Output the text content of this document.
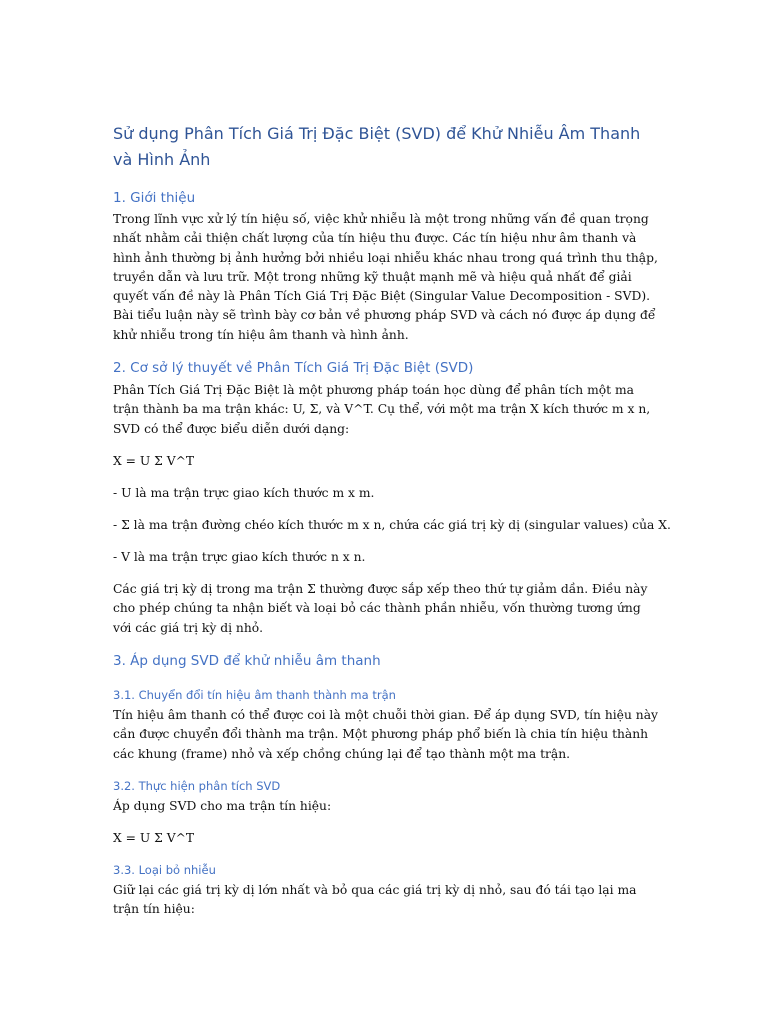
Sử dụng Phân Tích Giá Trị Đặc Biệt (SVD) để Khử Nhiễu Âm Thanh và Hình Ảnh
1. Giới thiệu

Trong lĩnh vực xử lý tín hiệu số, việc khử nhiễu là một trong những vấn đề quan trọng nhất nhằm cải thiện chất lượng của tín hiệu thu được. Các tín hiệu như âm thanh và hình ảnh thường bị ảnh hưởng bởi nhiều loại nhiễu khác nhau trong quá trình thu thập, truyền dẫn và lưu trữ. Một trong những kỹ thuật mạnh mẽ và hiệu quả nhất để giải quyết vấn đề này là Phân Tích Giá Trị Đặc Biệt (Singular Value Decomposition - SVD). Bài tiểu luận này sẽ trình bày cơ bản về phương pháp SVD và cách nó được áp dụng để khử nhiễu trong tín hiệu âm thanh và hình ảnh.

2. Cơ sở lý thuyết về Phân Tích Giá Trị Đặc Biệt (SVD)

Phân Tích Giá Trị Đặc Biệt là một phương pháp toán học dùng để phân tích một ma trận thành ba ma trận khác: U, Σ, và V^T. Cụ thể, với một ma trận X kích thước m x n, SVD có thể được biểu diễn dưới dạng:

X = U Σ V^T

- U là ma trận trực giao kích thước m x m.

- Σ là ma trận đường chéo kích thước m x n, chứa các giá trị kỳ dị (singular values) của X.

- V là ma trận trực giao kích thước n x n.

Các giá trị kỳ dị trong ma trận Σ thường được sắp xếp theo thứ tự giảm dần. Điều này cho phép chúng ta nhận biết và loại bỏ các thành phần nhiễu, vốn thường tương ứng với các giá trị kỳ dị nhỏ.

3. Áp dụng SVD để khử nhiễu âm thanh
3.1. Chuyển đổi tín hiệu âm thanh thành ma trận

Tín hiệu âm thanh có thể được coi là một chuỗi thời gian. Để áp dụng SVD, tín hiệu này cần được chuyển đổi thành ma trận. Một phương pháp phổ biến là chia tín hiệu thành các khung (frame) nhỏ và xếp chồng chúng lại để tạo thành một ma trận.

3.2. Thực hiện phân tích SVD

Áp dụng SVD cho ma trận tín hiệu:

X = U Σ V^T

3.3. Loại bỏ nhiễu

Giữ lại các giá trị kỳ dị lớn nhất và bỏ qua các giá trị kỳ dị nhỏ, sau đó tái tạo lại ma trận tín hiệu:
